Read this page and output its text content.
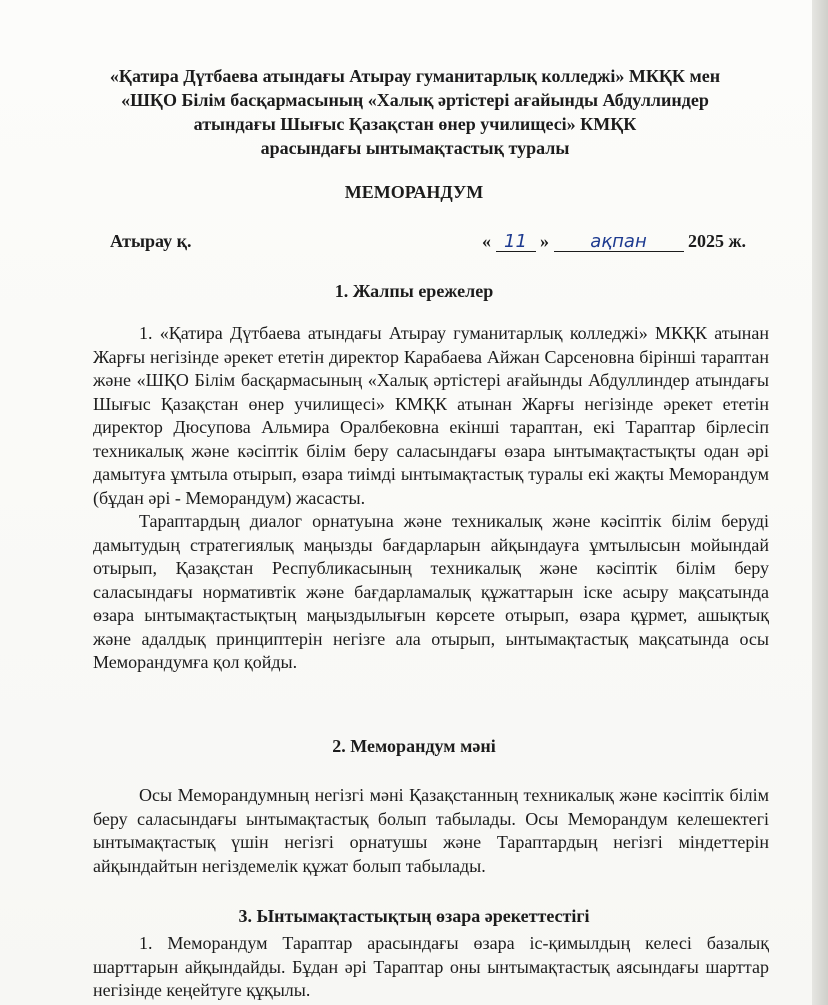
«Қатира Дүтбаева атындағы Атырау гуманитарлық колледжі» МКҚК мен
«ШҚО Білім басқармасының «Халық әртістері ағайынды Абдуллиндер
атындағы Шығыс Қазақстан өнер училищесі» КМҚК
арасындағы ынтымақтастық туралы
МЕМОРАНДУМ
Атырау қ.	« 11 » ақпан 2025 ж.
1. Жалпы ережелер

1. «Қатира Дүтбаева атындағы Атырау гуманитарлық колледжі» МКҚК атынан Жарғы негізінде әрекет ететін директор Карабаева Айжан Сарсеновна бірінші тараптан және «ШҚО Білім басқармасының «Халық әртістері ағайынды Абдуллиндер атындағы Шығыс Қазақстан өнер училищесі» КМҚК атынан Жарғы негізінде әрекет ететін директор Дюсупова Альмира Оралбековна екінші тараптан, екі Тараптар бірлесіп техникалық және кәсіптік білім беру саласындағы өзара ынтымақтастықты одан әрі дамытуға ұмтыла отырып, өзара тиімді ынтымақтастық туралы екі жақты Меморандум (бұдан әрі - Меморандум) жасасты.

Тараптардың диалог орнатуына және техникалық және кәсіптік білім беруді дамытудың стратегиялық маңызды бағдарларын айқындауға ұмтылысын мойындай отырып, Қазақстан Республикасының техникалық және кәсіптік білім беру саласындағы нормативтік және бағдарламалық құжаттарын іске асыру мақсатында өзара ынтымақтастықтың маңыздылығын көрсете отырып, өзара құрмет, ашықтық және адалдық принциптерін негізге ала отырып, ынтымақтастық мақсатында осы Меморандумға қол қойды.

2. Меморандум мәні

Осы Меморандумның негізгі мәні Қазақстанның техникалық және кәсіптік білім беру саласындағы ынтымақтастық болып табылады. Осы Меморандум келешектегі ынтымақтастық үшін негізгі орнатушы және Тараптардың негізгі міндеттерін айқындайтын негіздемелік құжат болып табылады.

3. Ынтымақтастықтың өзара әрекеттестігі

1. Меморандум Тараптар арасындағы өзара іс-қимылдың келесі базалық шарттарын айқындайды. Бұдан әрі Тараптар оны ынтымақтастық аясындағы шарттар негізінде кеңейтуге құқылы.
